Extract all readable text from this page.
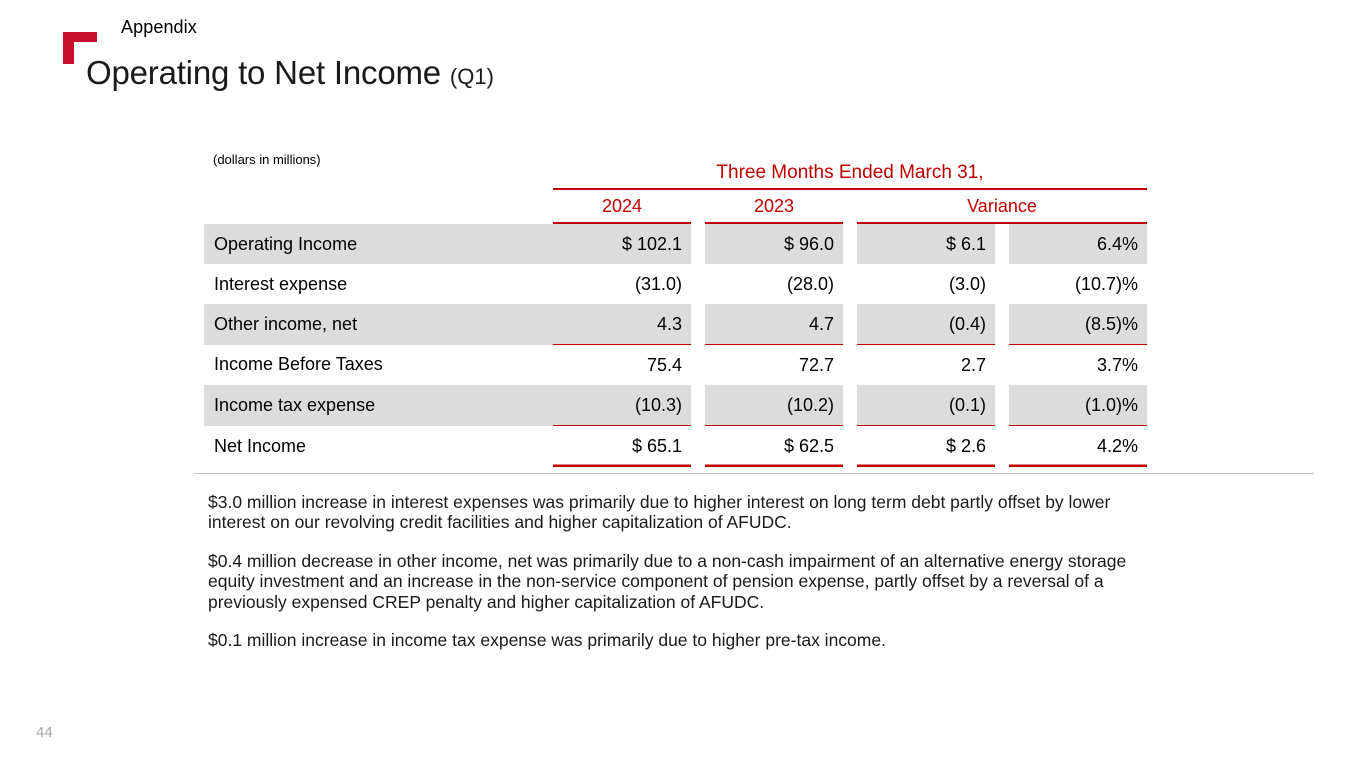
Appendix
Operating to Net Income (Q1)
(dollars in millions)
	Three Months Ended March 31,						

	2024		2023		Variance		

Operating Income	$ 102.1		$ 96.0		$ 6.1		6.4%
Interest expense	(31.0)		(28.0)		(3.0)		(10.7)%
Other income, net	4.3		4.7		(0.4)		(8.5)%
Income Before Taxes	75.4		72.7		2.7		3.7%
Income tax expense	(10.3)		(10.2)		(0.1)		(1.0)%
Net Income	$ 65.1		$ 62.5		$ 2.6		4.2%

$3.0 million increase in interest expenses was primarily due to higher interest on long term debt partly offset by lower interest on our revolving credit facilities and higher capitalization of AFUDC.

$0.4 million decrease in other income, net was primarily due to a non-cash impairment of an alternative energy storage equity investment and an increase in the non-service component of pension expense, partly offset by a reversal of a previously expensed CREP penalty and higher capitalization of AFUDC.

$0.1 million increase in income tax expense was primarily due to higher pre-tax income.

44
